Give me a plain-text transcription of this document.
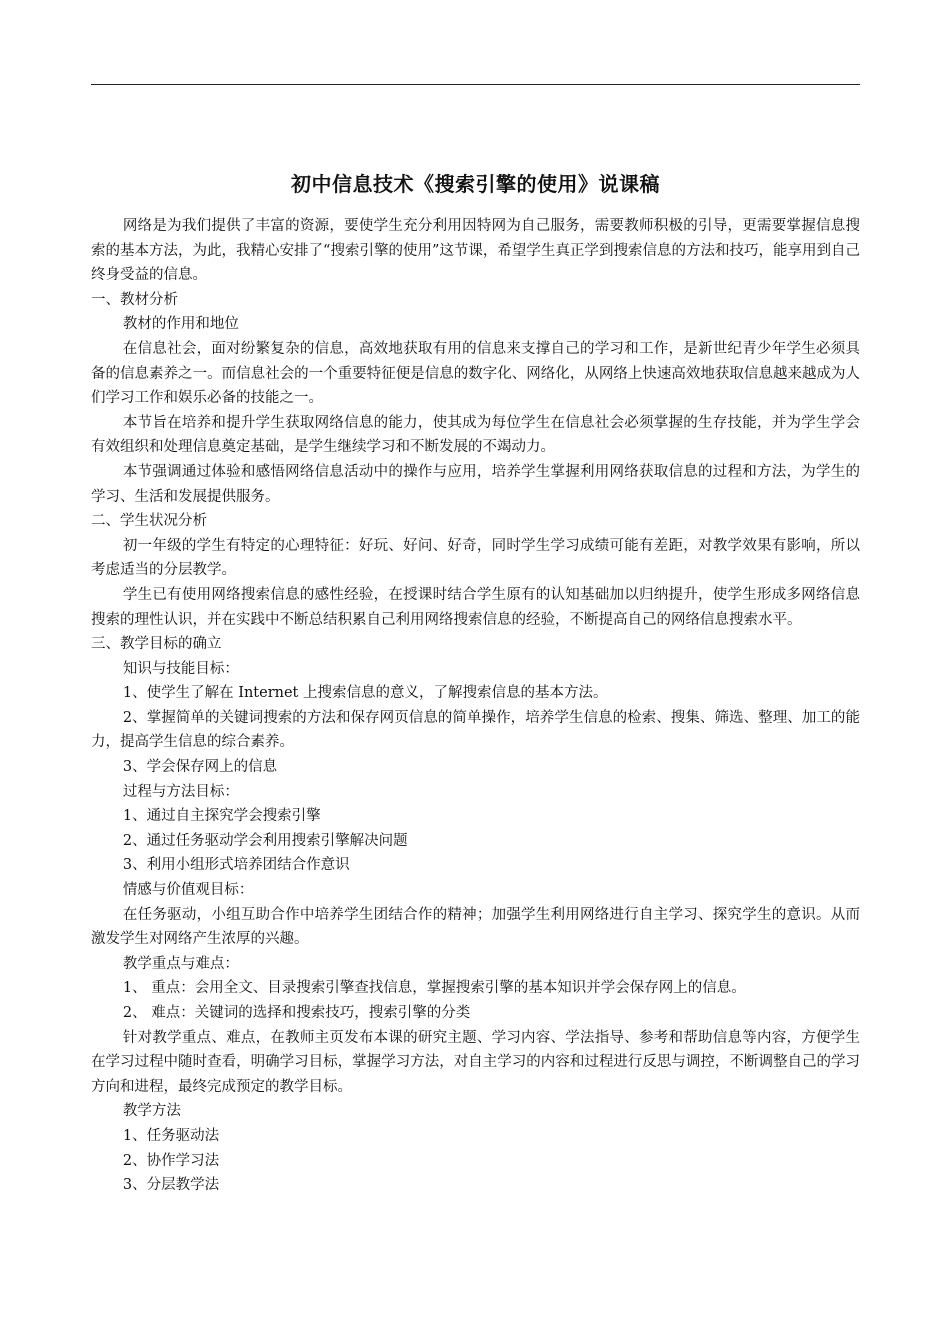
初中信息技术《搜索引擎的使用》说课稿

网络是为我们提供了丰富的资源，要使学生充分利用因特网为自己服务，需要教师积极的引导，更需要掌握信息搜索的基本方法，为此，我精心安排了“搜索引擎的使用”这节课，希望学生真正学到搜索信息的方法和技巧，能享用到自己终身受益的信息。

一、教材分析

教材的作用和地位

在信息社会，面对纷繁复杂的信息，高效地获取有用的信息来支撑自己的学习和工作，是新世纪青少年学生必须具备的信息素养之一。而信息社会的一个重要特征便是信息的数字化、网络化，从网络上快速高效地获取信息越来越成为人们学习工作和娱乐必备的技能之一。

本节旨在培养和提升学生获取网络信息的能力，使其成为每位学生在信息社会必须掌握的生存技能，并为学生学会有效组织和处理信息奠定基础，是学生继续学习和不断发展的不竭动力。

本节强调通过体验和感悟网络信息活动中的操作与应用，培养学生掌握利用网络获取信息的过程和方法，为学生的学习、生活和发展提供服务。

二、学生状况分析

初一年级的学生有特定的心理特征：好玩、好问、好奇，同时学生学习成绩可能有差距，对教学效果有影响，所以考虑适当的分层教学。

学生已有使用网络搜索信息的感性经验，在授课时结合学生原有的认知基础加以归纳提升，使学生形成多网络信息搜索的理性认识，并在实践中不断总结积累自己利用网络搜索信息的经验，不断提高自己的网络信息搜索水平。

三、教学目标的确立

知识与技能目标：

1、使学生了解在 Internet 上搜索信息的意义，了解搜索信息的基本方法。

2、掌握简单的关键词搜索的方法和保存网页信息的简单操作，培养学生信息的检索、搜集、筛选、整理、加工的能力，提高学生信息的综合素养。

3、学会保存网上的信息

过程与方法目标：

1、通过自主探究学会搜索引擎

2、通过任务驱动学会利用搜索引擎解决问题

3、利用小组形式培养团结合作意识

情感与价值观目标：

在任务驱动，小组互助合作中培养学生团结合作的精神；加强学生利用网络进行自主学习、探究学生的意识。从而激发学生对网络产生浓厚的兴趣。

教学重点与难点：

1、 重点：会用全文、目录搜索引擎查找信息，掌握搜索引擎的基本知识并学会保存网上的信息。

2、 难点：关键词的选择和搜索技巧，搜索引擎的分类

针对教学重点、难点，在教师主页发布本课的研究主题、学习内容、学法指导、参考和帮助信息等内容，方便学生在学习过程中随时查看，明确学习目标，掌握学习方法，对自主学习的内容和过程进行反思与调控，不断调整自己的学习方向和进程，最终完成预定的教学目标。

教学方法

1、任务驱动法

2、协作学习法

3、分层教学法
